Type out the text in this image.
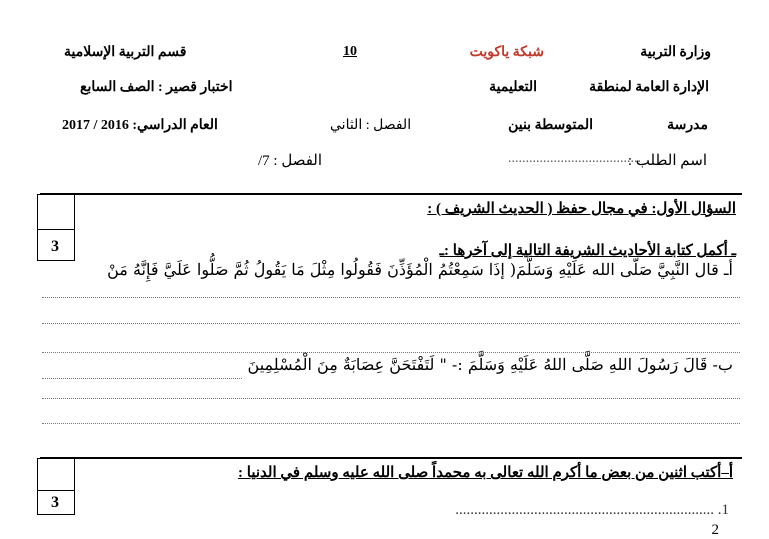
وزارة التربية
شبكة ياكويت
10
قسم التربية الإسلامية
الإدارة العامة لمنطقة
التعليمية
اختبار قصير : الصف السابع
مدرسة
المتوسطة بنين
الفصل : الثاني
العام الدراسي: 2016 / 2017
اسم الطلب :
......................................
الفصل : 7/
3
السؤال الأول: في مجال حفظ ( الحديث الشريف ) :
ـ أكمل كتابة الأحاديث الشريفة التالية إلى آخرها :ـ
أـ قال النَّبِيَّ صَلّى الله عَلَيْهِ وَسَلَّمَ( إذَا سَمِعْتُمُ الْمُؤَذِّنَ فَقُولُوا مِثْلَ مَا يَقُولُ ثُمَّ صَلُّوا عَلَيَّ فَإِنَّهُ مَنْ
ب- قَالَ رَسُولَ اللهِ صَلَّى اللهُ عَلَيْهِ وَسَلَّمَ :- " لَتَفْتَحَنَّ عِصَابَةٌ مِنَ الْمُسْلِمِينَ
3
أ–أكتب اثنين من بعض ما أكرم الله تعالى به محمداً صلى الله عليه وسلم في الدنيا :
1. .....................................................................
2
